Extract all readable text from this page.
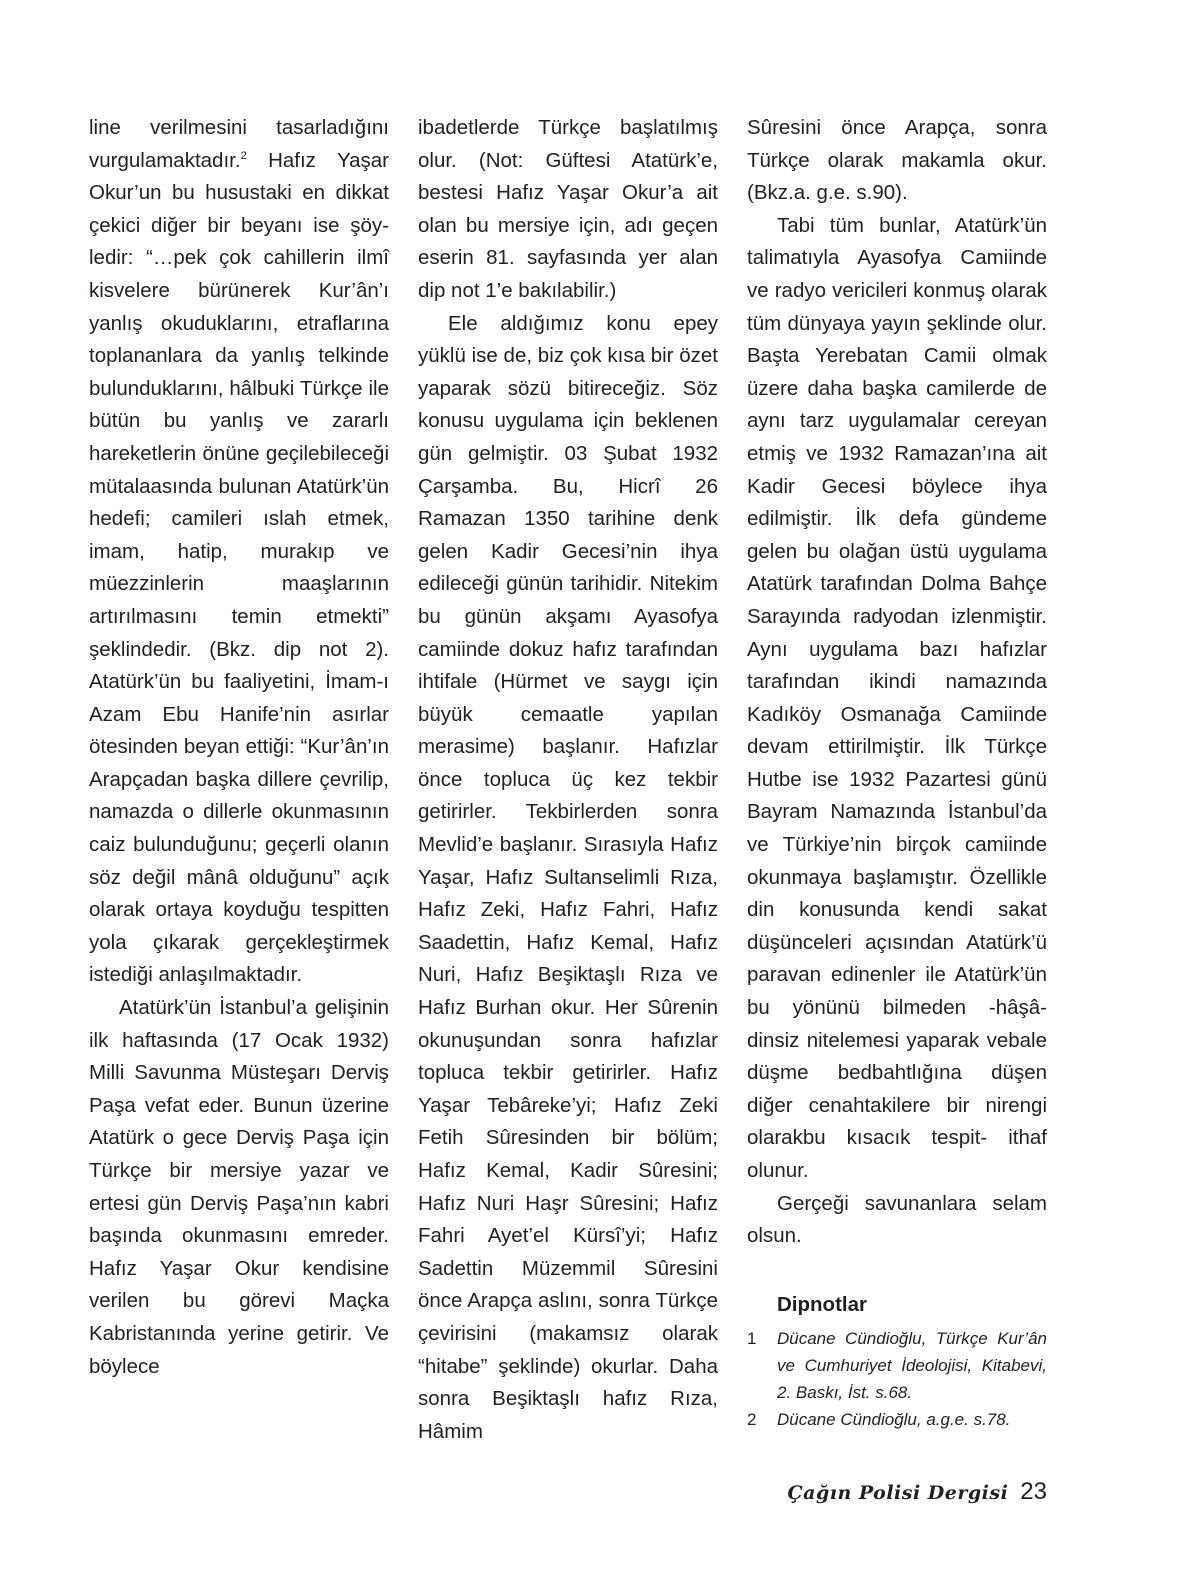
line verilmesini tasarladığını vurgulamaktadır.$^2$ Hafız Yaşar Okur’un bu husustaki en dikkat çekici diğer bir beyanı ise şöyledir: “…pek çok cahillerin ilmî kisvelere bürünerek Kur’ân’ı yanlış okuduklarını, etraflarına toplananlara da yanlış telkinde bulunduklarını, hâlbuki Türkçe ile bütün bu yanlış ve zararlı hareketlerin önüne geçilebileceği mütalaasında bulunan Atatürk’ün hedefi; camileri ıslah etmek, imam, hatip, murakıp ve müezzinlerin maaşlarının artırılmasını temin etmekti” şeklindedir. (Bkz. dip not 2). Atatürk’ün bu faaliyetini, İmam-ı Azam Ebu Hanife’nin asırlar ötesinden beyan ettiği: “Kur’ân’ın Arapçadan başka dillere çevrilip, namazda o dillerle okunmasının caiz bulunduğunu; geçerli olanın söz değil mânâ olduğunu” açık olarak ortaya koyduğu tespitten yola çıkarak gerçekleştirmek istediği anlaşılmaktadır.

Atatürk’ün İstanbul’a gelişinin ilk haftasında (17 Ocak 1932) Milli Savunma Müsteşarı Derviş Paşa vefat eder. Bunun üzerine Atatürk o gece Derviş Paşa için Türkçe bir mersiye yazar ve ertesi gün Derviş Paşa’nın kabri başında okunmasını emreder. Hafız Yaşar Okur kendisine verilen bu görevi Maçka Kabristanında yerine getirir. Ve böylece

ibadetlerde Türkçe başlatılmış olur. (Not: Güftesi Atatürk’e, bestesi Hafız Yaşar Okur’a ait olan bu mersiye için, adı geçen eserin 81. sayfasında yer alan dip not 1’e bakılabilir.)

Ele aldığımız konu epey yüklü ise de, biz çok kısa bir özet yaparak sözü bitireceğiz. Söz konusu uygulama için beklenen gün gelmiştir. 03 Şubat 1932 Çarşamba. Bu, Hicrî 26 Ramazan 1350 tarihine denk gelen Kadir Gecesi’nin ihya edileceği günün tarihidir. Nitekim bu günün akşamı Ayasofya camiinde dokuz hafız tarafından ihtifale (Hürmet ve saygı için büyük cemaatle yapılan merasime) başlanır. Hafızlar önce topluca üç kez tekbir getirirler. Tekbirlerden sonra Mevlid’e başlanır. Sırasıyla Hafız Yaşar, Hafız Sultanselimli Rıza, Hafız Zeki, Hafız Fahri, Hafız Saadettin, Hafız Kemal, Hafız Nuri, Hafız Beşiktaşlı Rıza ve Hafız Burhan okur. Her Sûrenin okunuşundan sonra hafızlar topluca tekbir getirirler. Hafız Yaşar Tebâreke’yi; Hafız Zeki Fetih Sûresinden bir bölüm; Hafız Kemal, Kadir Sûresini; Hafız Nuri Haşr Sûresini; Hafız Fahri Ayet’el Kürsî’yi; Hafız Sadettin Müzemmil Sûresini önce Arapça aslını, sonra Türkçe çevirisini (makamsız olarak “hitabe” şeklinde) okurlar. Daha sonra Beşiktaşlı hafız Rıza, Hâmim

Sûresini önce Arapça, sonra Türkçe olarak makamla okur. (Bkz.a. g.e. s.90).

Tabi tüm bunlar, Atatürk’ün talimatıyla Ayasofya Camiinde ve radyo vericileri konmuş olarak tüm dünyaya yayın şeklinde olur. Başta Yerebatan Camii olmak üzere daha başka camilerde de aynı tarz uygulamalar cereyan etmiş ve 1932 Ramazan’ına ait Kadir Gecesi böylece ihya edilmiştir. İlk defa gündeme gelen bu olağan üstü uygulama Atatürk tarafından Dolma Bahçe Sarayında radyodan izlenmiştir. Aynı uygulama bazı hafızlar tarafından ikindi namazında Kadıköy Osmanağa Camiinde devam ettirilmiştir. İlk Türkçe Hutbe ise 1932 Pazartesi günü Bayram Namazında İstanbul’da ve Türkiye’nin birçok camiinde okunmaya başlamıştır. Özellikle din konusunda kendi sakat düşünceleri açısından Atatürk’ü paravan edinenler ile Atatürk’ün bu yönünü bilmeden -hâşâ- dinsiz nitelemesi yaparak vebale düşme bedbahtlığına düşen diğer cenahtakilere bir nirengi olarakbu kısacık tespit- ithaf olunur.

Gerçeği savunanlara selam olsun.

Dipnotlar
1 Dücane Cündioğlu, Türkçe Kur’ân ve Cumhuriyet İdeolojisi, Kitabevi, 2. Baskı, İst. s.68.
2 Dücane Cündioğlu, a.g.e. s.78.
Çağın Polisi Dergisi 23
